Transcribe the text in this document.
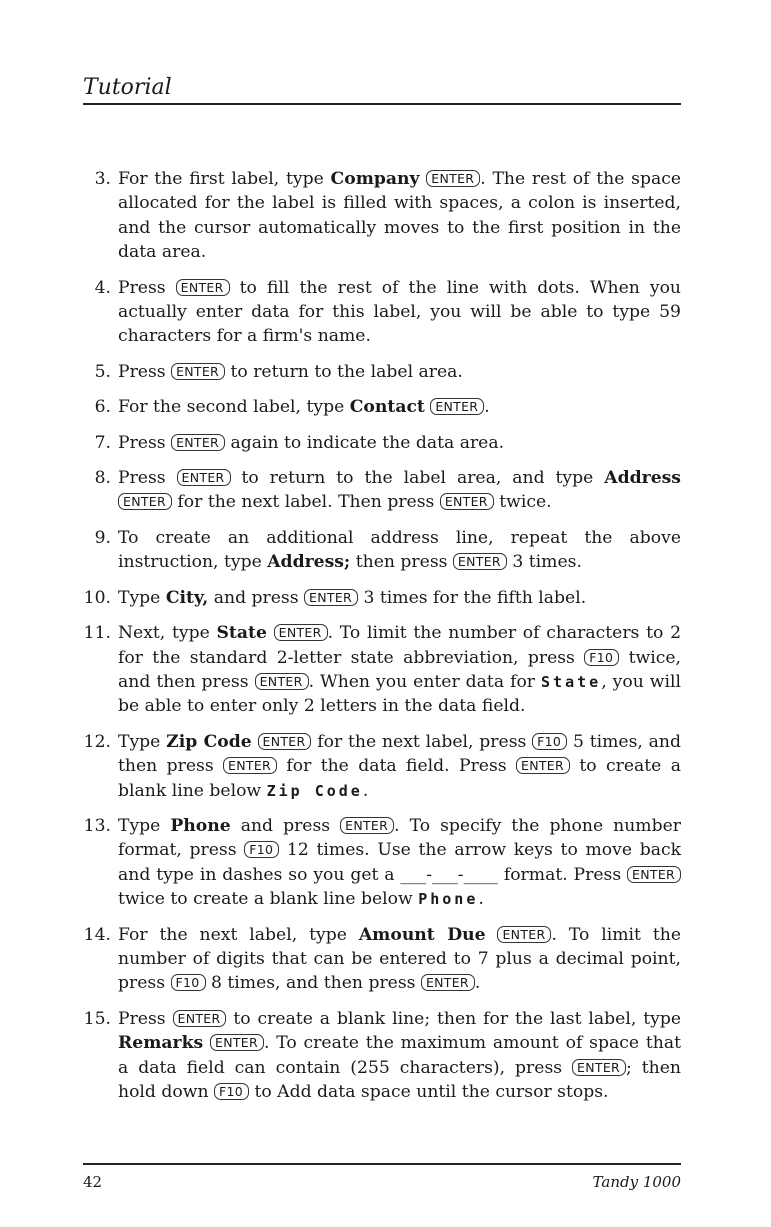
Tutorial
3. For the first label, type Company ENTER . The rest of the space allocated for the label is filled with spaces, a colon is inserted, and the cursor automatically moves to the first position in the data area.
4. Press ENTER to fill the rest of the line with dots. When you actually enter data for this label, you will be able to type 59 characters for a firm's name.
5. Press ENTER to return to the label area.
6. For the second label, type Contact ENTER .
7. Press ENTER again to indicate the data area.
8. Press ENTER to return to the label area, and type Address ENTER for the next label. Then press ENTER twice.
9. To create an additional address line, repeat the above instruction, type Address; then press ENTER 3 times.
10. Type City, and press ENTER 3 times for the fifth label.
11. Next, type State ENTER . To limit the number of characters to 2 for the standard 2-letter state abbreviation, press F10 twice, and then press ENTER . When you enter data for State, you will be able to enter only 2 letters in the data field.
12. Type Zip Code ENTER for the next label, press F10 5 times, and then press ENTER for the data field. Press ENTER to create a blank line below Zip Code.
13. Type Phone and press ENTER . To specify the phone number format, press F10 12 times. Use the arrow keys to move back and type in dashes so you get a ___-___-____ format. Press ENTER twice to create a blank line below Phone.
14. For the next label, type Amount Due ENTER . To limit the number of digits that can be entered to 7 plus a decimal point, press F10 8 times, and then press ENTER .
15. Press ENTER to create a blank line; then for the last label, type Remarks ENTER . To create the maximum amount of space that a data field can contain (255 characters), press ENTER ; then hold down F10 to Add data space until the cursor stops.
42	Tandy 1000
